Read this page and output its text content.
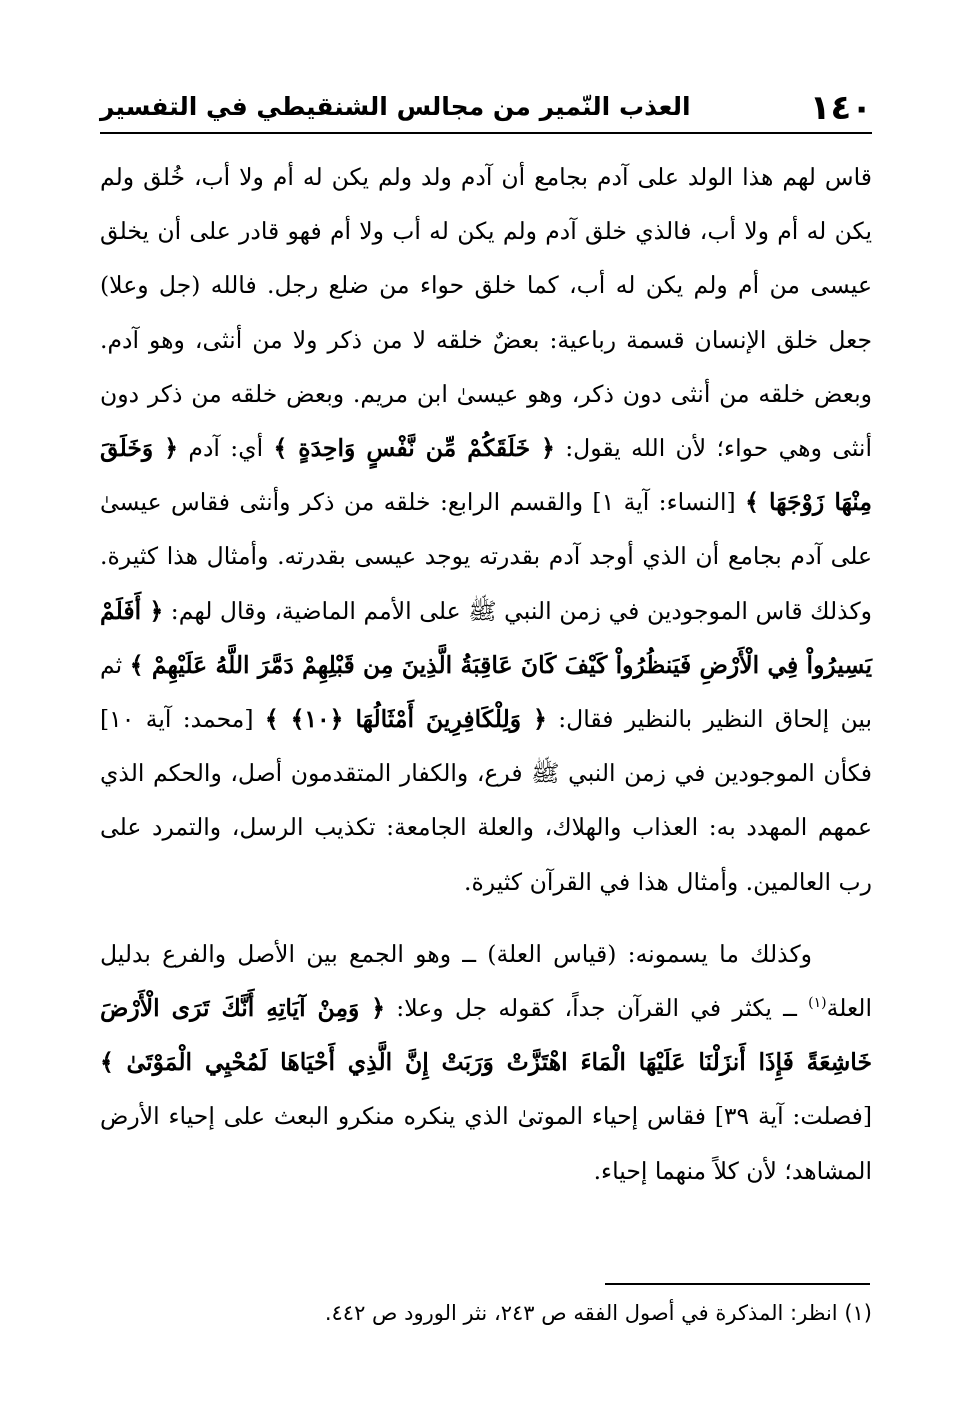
١٤٠
العذب النّمير من مجالس الشنقيطي في التفسير

قاس لهم هذا الولد على آدم بجامع أن آدم ولد ولم يكن له أم ولا أب، خُلق ولم يكن له أم ولا أب، فالذي خلق آدم ولم يكن له أب ولا أم فهو قادر على أن يخلق عيسى من أم ولم يكن له أب، كما خلق حواء من ضلع رجل. فالله (جل وعلا) جعل خلق الإنسان قسمة رباعية: بعضٌ خلقه لا من ذكر ولا من أنثى، وهو آدم. وبعض خلقه من أنثى دون ذكر، وهو عيسىٰ ابن مريم. وبعض خلقه من ذكر دون أنثى وهي حواء؛ لأن الله يقول: ﴿ خَلَقَكُمْ مِّن نَّفْسٍ وَاحِدَةٍ ﴾ أي: آدم ﴿ وَخَلَقَ مِنْهَا زَوْجَهَا ﴾ [النساء: آية ١] والقسم الرابع: خلقه من ذكر وأنثى فقاس عيسىٰ على آدم بجامع أن الذي أوجد آدم بقدرته يوجد عيسى بقدرته. وأمثال هذا كثيرة. وكذلك قاس الموجودين في زمن النبي ﷺ على الأمم الماضية، وقال لهم: ﴿ أَفَلَمْ يَسِيرُواْ فِي الْأَرْضِ فَيَنظُرُواْ كَيْفَ كَانَ عَاقِبَةُ الَّذِينَ مِن قَبْلِهِمْ دَمَّرَ اللَّهُ عَلَيْهِمْ ﴾ ثم بين إلحاق النظير بالنظير فقال: ﴿ وَلِلْكَافِرِينَ أَمْثَالُهَا ﴿١٠﴾ ﴾ [محمد: آية ١٠] فكأن الموجودين في زمن النبي ﷺ فرع، والكفار المتقدمون أصل، والحكم الذي عمهم المهدد به: العذاب والهلاك، والعلة الجامعة: تكذيب الرسل، والتمرد على رب العالمين. وأمثال هذا في القرآن كثيرة.

وكذلك ما يسمونه: (قياس العلة) ــ وهو الجمع بين الأصل والفرع بدليل العلة$^{(١)}$ ــ يكثر في القرآن جداً، كقوله جل وعلا: ﴿ وَمِنْ آيَاتِهِ أَنَّكَ تَرَى الْأَرْضَ خَاشِعَةً فَإِذَا أَنزَلْنَا عَلَيْهَا الْمَاءَ اهْتَزَّتْ وَرَبَتْ إِنَّ الَّذِي أَحْيَاهَا لَمُحْيِي الْمَوْتَىٰ ﴾ [فصلت: آية ٣٩] فقاس إحياء الموتىٰ الذي ينكره منكرو البعث على إحياء الأرض المشاهد؛ لأن كلاً منهما إحياء.

(١) انظر: المذكرة في أصول الفقه ص ٢٤٣، نثر الورود ص ٤٤٢.
